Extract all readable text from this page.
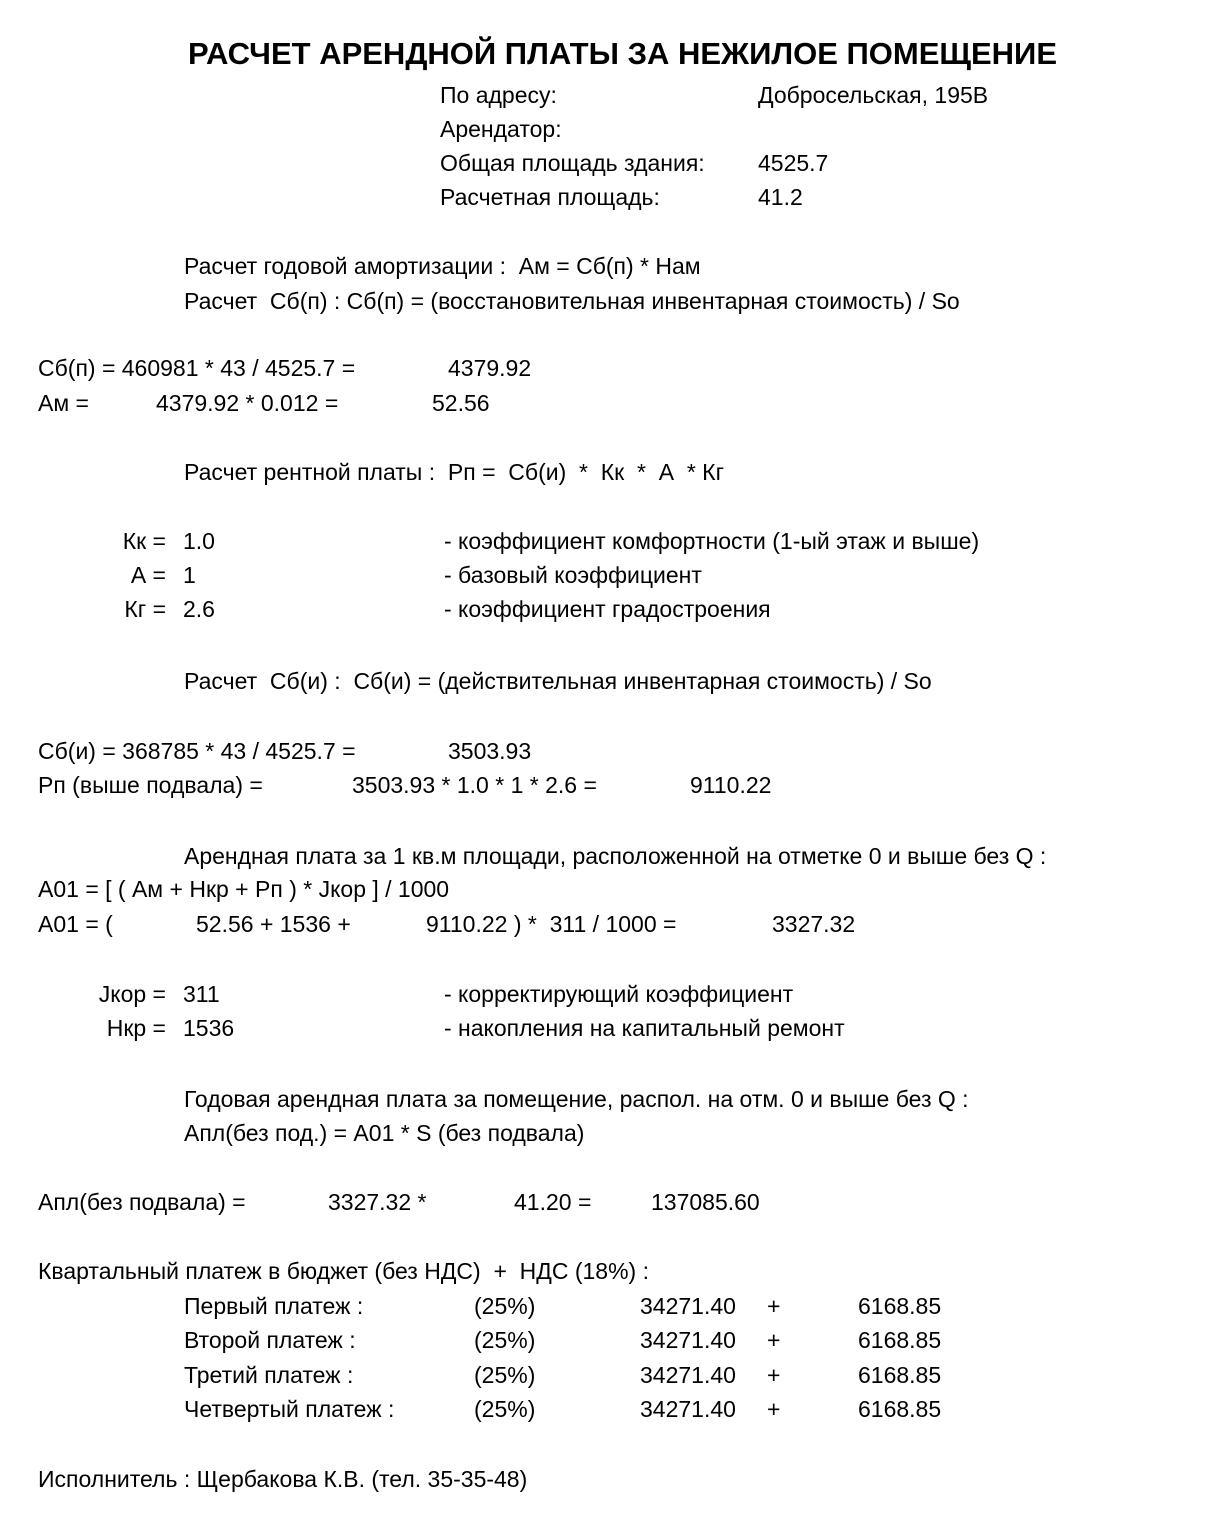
РАСЧЕТ АРЕНДНОЙ ПЛАТЫ ЗА НЕЖИЛОЕ ПОМЕЩЕНИЕ
По адресу:	Добросельская, 195В
Арендатор:
Общая площадь здания: 4525.7
Расчетная площадь:	41.2
Расчет годовой амортизации :  Ам = Сб(п) * Нам
Расчет  Сб(п) : Сб(п) = (восстановительная инвентарная стоимость) / So
Сб(п) = 460981 * 43 / 4525.7 =	4379.92
Ам =	4379.92 * 0.012 =	52.56
Расчет рентной платы :  Рп =  Сб(и)  *  Кк  *  А  * Кг
Кк = 1.0	- коэффициент комфортности (1-ый этаж и выше)
А = 1	- базовый коэффициент
Кг = 2.6	- коэффициент градостроения
Расчет  Сб(и) :  Сб(и) = (действительная инвентарная стоимость) / So
Сб(и) = 368785 * 43 / 4525.7 =	3503.93
Рп (выше подвала) =	3503.93 * 1.0 * 1 * 2.6 =	9110.22
Арендная плата за 1 кв.м площади, расположенной на отметке 0 и выше без Q :
А01 = [ ( Ам + Нкр + Рп ) * Jкор ] / 1000
А01 = (	52.56 + 1536 +	9110.22 ) *  311 / 1000 =	3327.32
Jкор = 311	- корректирующий коэффициент
Нкр = 1536	- накопления на капитальный ремонт
Годовая арендная плата за помещение, распол. на отм. 0 и выше без Q :
Апл(без под.) = А01 * S (без подвала)
Апл(без подвала) =	3327.32 *	41.20 =	137085.60
Квартальный платеж в бюджет (без НДС)  +  НДС (18%) :
Первый платеж :	(25%)	34271.40 +	6168.85
Второй платеж :	(25%)	34271.40 +	6168.85
Третий платеж :	(25%)	34271.40 +	6168.85
Четвертый платеж :	(25%)	34271.40 +	6168.85
Исполнитель : Щербакова К.В. (тел. 35-35-48)
